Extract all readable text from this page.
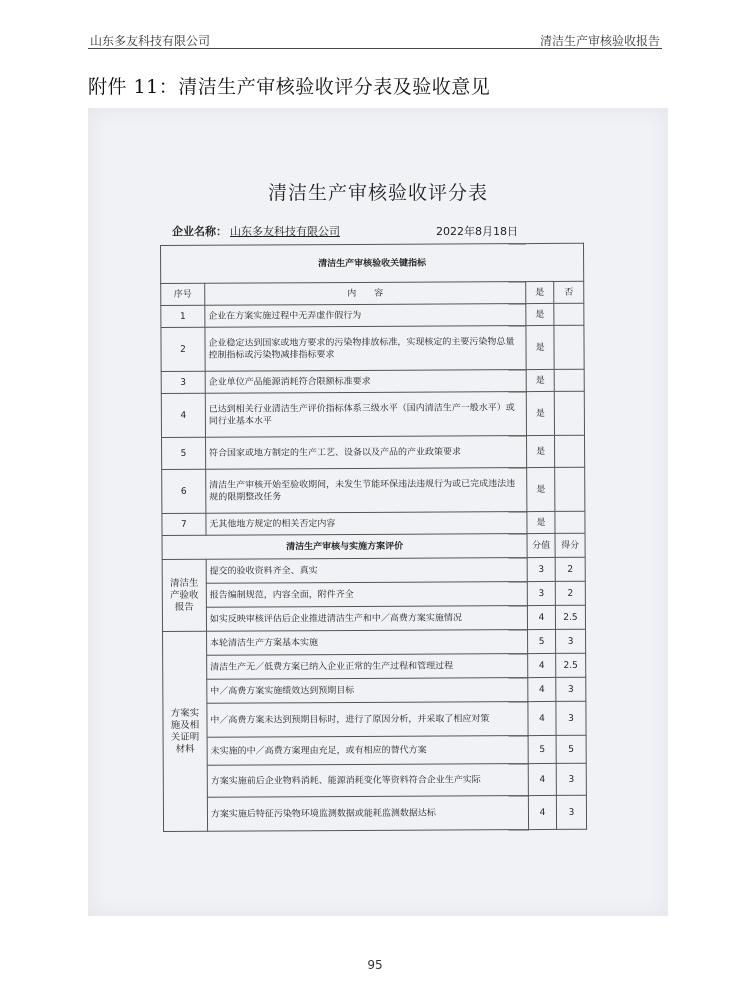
山东多友科技有限公司	清洁生产审核验收报告
附件 11：清洁生产审核验收评分表及验收意见
清洁生产审核验收评分表
企业名称： 山东多友科技有限公司	2022年8月18日
清洁生产审核验收关键指标			
序号	内　　容	是	否
1	企业在方案实施过程中无弄虚作假行为	是	
2	企业稳定达到国家或地方要求的污染物排放标准，实现核定的主要污染物总量控制指标或污染物减排指标要求	是	
3	企业单位产品能源消耗符合限额标准要求	是	
4	已达到相关行业清洁生产评价指标体系三级水平（国内清洁生产一般水平）或同行业基本水平	是	
5	符合国家或地方制定的生产工艺、设备以及产品的产业政策要求	是	
6	清洁生产审核开始至验收期间，未发生节能环保违法违规行为或已完成违法违规的限期整改任务	是	
7	无其他地方规定的相关否定内容	是	
清洁生产审核与实施方案评价		分值	得分
清洁生产验收报告	提交的验收资料齐全、真实	3	2
	报告编制规范，内容全面，附件齐全	3	2
	如实反映审核评估后企业推进清洁生产和中／高费方案实施情况	4	2.5
方案实施及相关证明材料	本轮清洁生产方案基本实施	5	3
	清洁生产无／低费方案已纳入企业正常的生产过程和管理过程	4	2.5
	中／高费方案实施绩效达到预期目标	4	3
	中／高费方案未达到预期目标时，进行了原因分析，并采取了相应对策	4	3
	未实施的中／高费方案理由充足，或有相应的替代方案	5	5
	方案实施前后企业物料消耗、能源消耗变化等资料符合企业生产实际	4	3
	方案实施后特征污染物环境监测数据或能耗监测数据达标	4	3
95
